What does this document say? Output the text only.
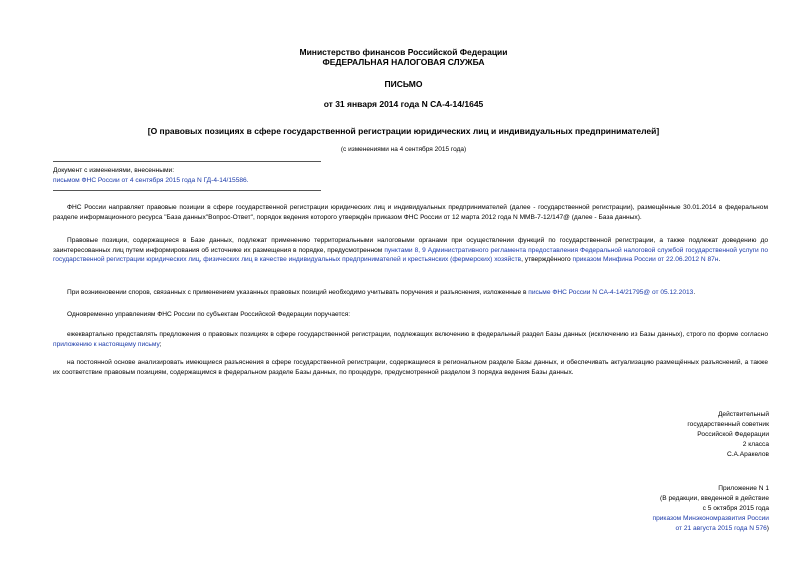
Министерство финансов Российской Федерации
ФЕДЕРАЛЬНАЯ НАЛОГОВАЯ СЛУЖБА
ПИСЬМО
от 31 января 2014 года N СА-4-14/1645
[О правовых позициях в сфере государственной регистрации юридических лиц и индивидуальных предпринимателей]
(с изменениями на 4 сентября 2015 года)
Документ с изменениями, внесенными:
письмом ФНС России от 4 сентября 2015 года N ГД-4-14/15586.
ФНС России направляет правовые позиции в сфере государственной регистрации юридических лиц и индивидуальных предпринимателей (далее - государственной регистрации), размещённые 30.01.2014 в федеральном разделе информационного ресурса "База данных"Вопрос-Ответ", порядок ведения которого утверждён приказом ФНС России от 12 марта 2012 года N ММВ-7-12/147@ (далее - База данных).
Правовые позиции, содержащиеся в Базе данных, подлежат применению территориальными налоговыми органами при осуществлении функций по государственной регистрации, а также подлежат доведению до заинтересованных лиц путем информирования об источнике их размещения в порядке, предусмотренном пунктами 8, 9 Административного регламента предоставления Федеральной налоговой службой государственной услуги по государственной регистрации юридических лиц, физических лиц в качестве индивидуальных предпринимателей и крестьянских (фермерских) хозяйств, утверждённого приказом Минфина России от 22.06.2012 N 87н.
При возникновении споров, связанных с применением указанных правовых позиций необходимо учитывать поручения и разъяснения, изложенные в письме ФНС России N СА-4-14/21795@ от 05.12.2013.
Одновременно управлениям ФНС России по субъектам Российской Федерации поручается:
ежеквартально представлять предложения о правовых позициях в сфере государственной регистрации, подлежащих включению в федеральный раздел Базы данных (исключению из Базы данных), строго по форме согласно приложению к настоящему письму;
на постоянной основе анализировать имеющиеся разъяснения в сфере государственной регистрации, содержащиеся в региональном разделе Базы данных, и обеспечивать актуализацию размещённых разъяснений, а также их соответствие правовым позициям, содержащимся в федеральном разделе Базы данных, по процедуре, предусмотренной разделом 3 порядка ведения Базы данных.
Действительный
государственный советник
Российской Федерации
2 класса
С.А.Аракелов
Приложение N 1
(В редакции, введенной в действие
с 5 октября 2015 года
приказом Минэкономразвития России
от 21 августа 2015 года N 576)
